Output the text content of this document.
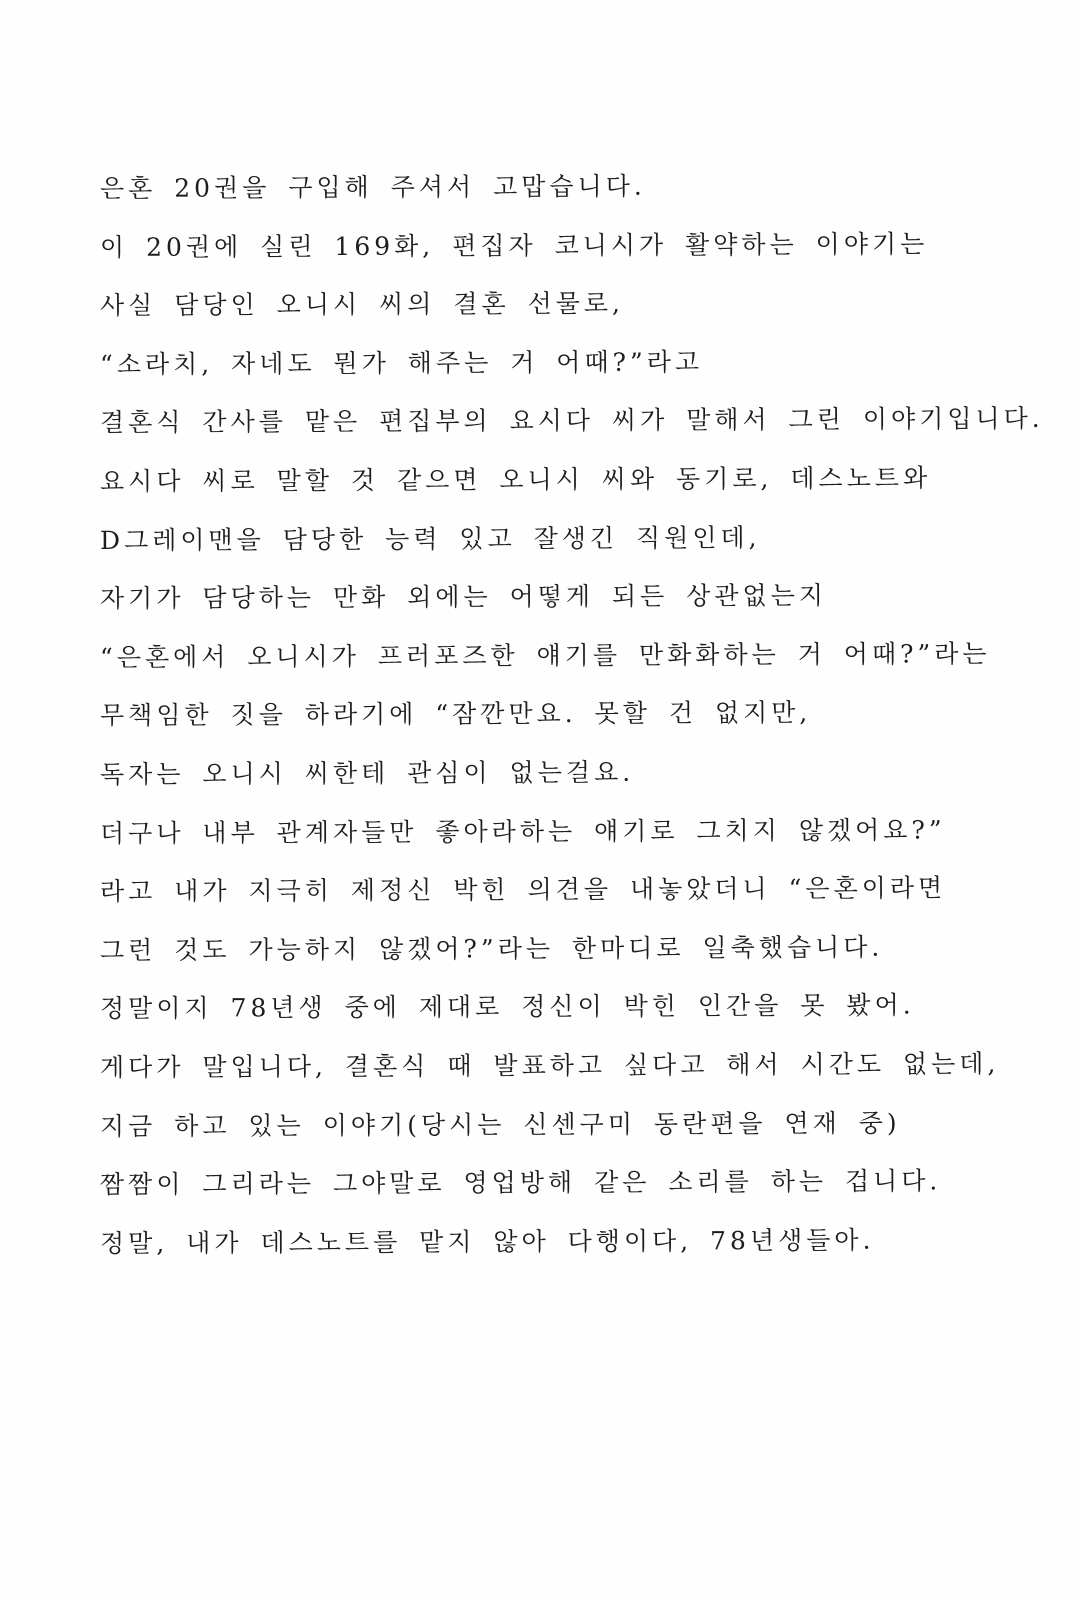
은혼 20권을 구입해 주셔서 고맙습니다.
이 20권에 실린 169화, 편집자 코니시가 활약하는 이야기는
사실 담당인 오니시 씨의 결혼 선물로,
“소라치, 자네도 뭔가 해주는 거 어때?”라고
결혼식 간사를 맡은 편집부의 요시다 씨가 말해서 그린 이야기입니다.
요시다 씨로 말할 것 같으면 오니시 씨와 동기로, 데스노트와
D그레이맨을 담당한 능력 있고 잘생긴 직원인데,
자기가 담당하는 만화 외에는 어떻게 되든 상관없는지
“은혼에서 오니시가 프러포즈한 얘기를 만화화하는 거 어때?”라는
무책임한 짓을 하라기에 “잠깐만요. 못할 건 없지만,
독자는 오니시 씨한테 관심이 없는걸요.
더구나 내부 관계자들만 좋아라하는 얘기로 그치지 않겠어요?”
라고 내가 지극히 제정신 박힌 의견을 내놓았더니 “은혼이라면
그런 것도 가능하지 않겠어?”라는 한마디로 일축했습니다.
정말이지 78년생 중에 제대로 정신이 박힌 인간을 못 봤어.
게다가 말입니다, 결혼식 때 발표하고 싶다고 해서 시간도 없는데,
지금 하고 있는 이야기(당시는 신센구미 동란편을 연재 중)
짬짬이 그리라는 그야말로 영업방해 같은 소리를 하는 겁니다.
정말, 내가 데스노트를 맡지 않아 다행이다, 78년생들아.
